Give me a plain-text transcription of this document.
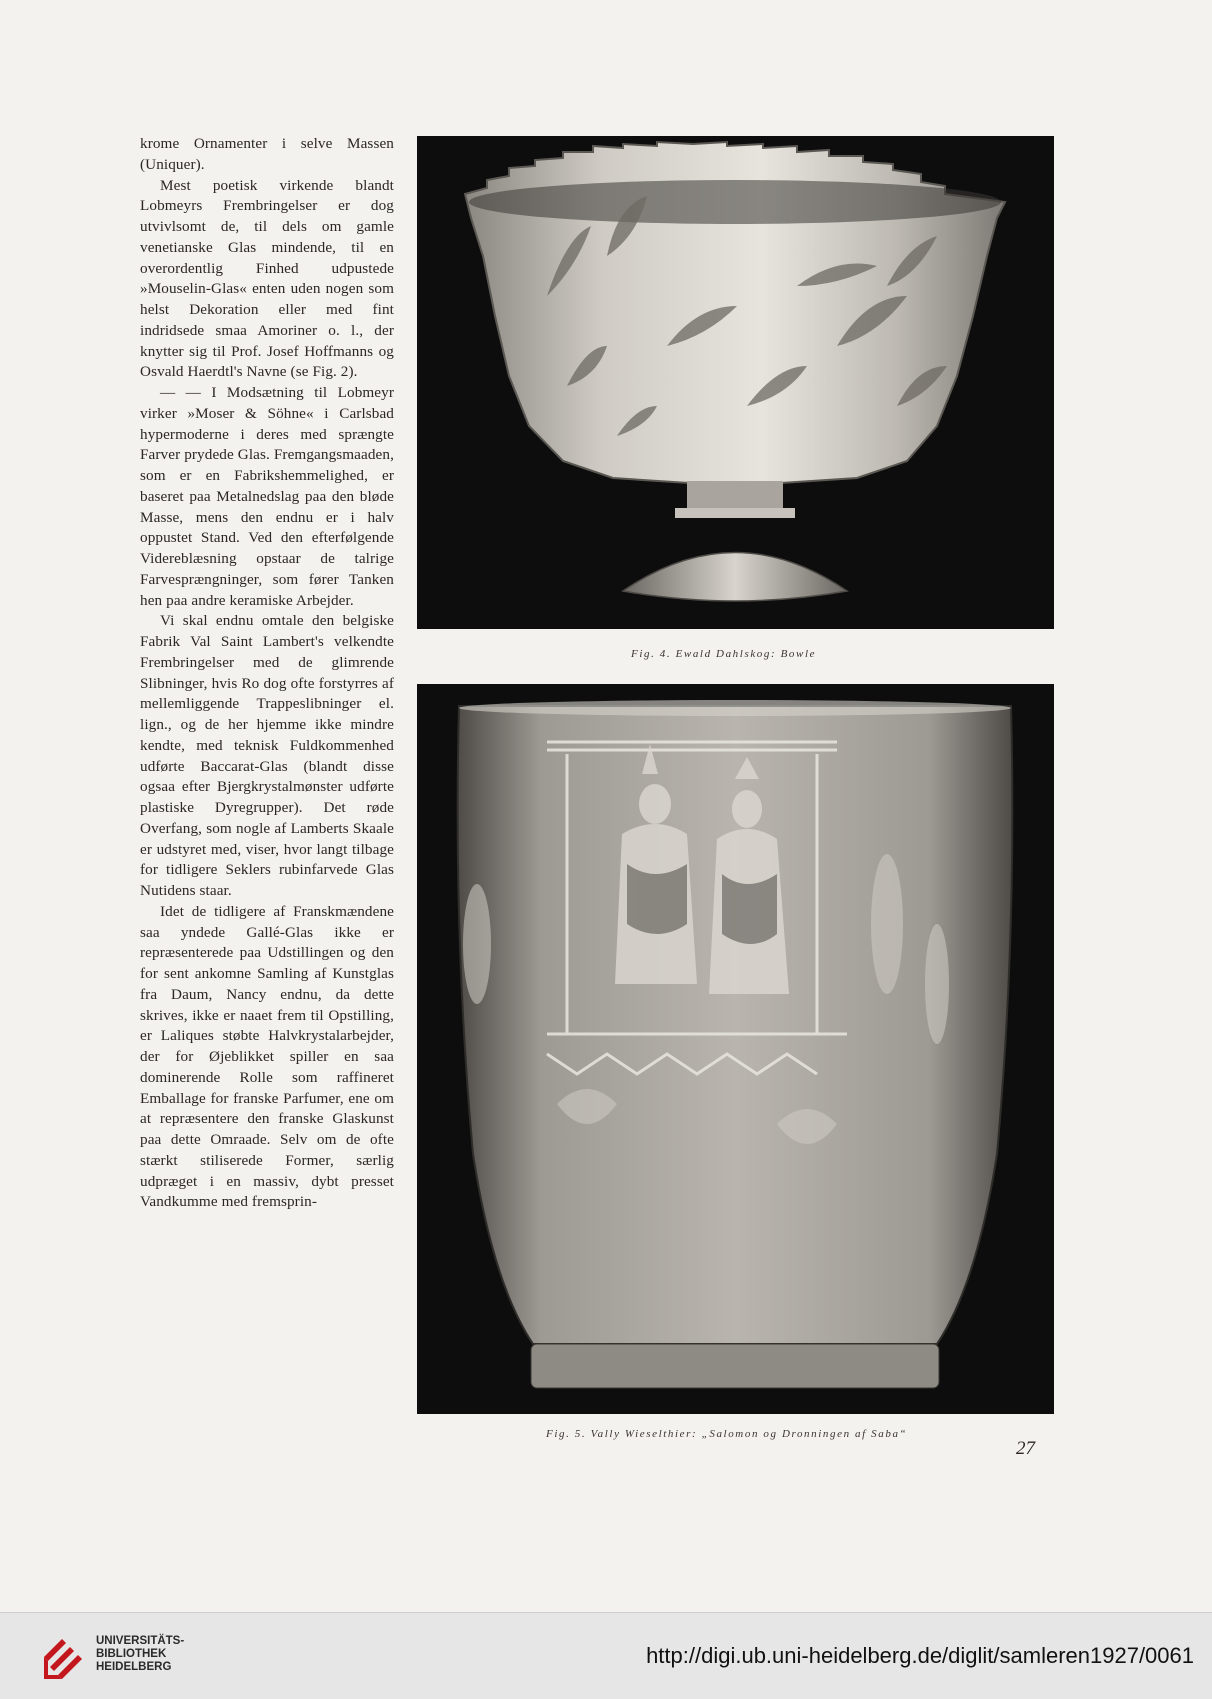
krome Ornamenter i selve Massen (Uniquer).

Mest poetisk virkende blandt Lobmeyrs Frembringelser er dog utvivlsomt de, til dels om gamle venetianske Glas mindende, til en overordentlig Finhed udpustede »Mouselin-Glas« enten uden nogen som helst Dekoration eller med fint indridsede smaa Amoriner o. l., der knytter sig til Prof. Josef Hoffmanns og Osvald Haerdtl's Navne (se Fig. 2).

— — I Modsætning til Lobmeyr virker »Moser & Söhne« i Carlsbad hypermoderne i deres med sprængte Farver prydede Glas. Fremgangsmaaden, som er en Fabrikshemmelighed, er baseret paa Metalnedslag paa den bløde Masse, mens den endnu er i halv oppustet Stand. Ved den efterfølgende Videreblæsning opstaar de talrige Farvesprængninger, som fører Tanken hen paa andre keramiske Arbejder.

Vi skal endnu omtale den belgiske Fabrik Val Saint Lambert's velkendte Frembringelser med de glimrende Slibninger, hvis Ro dog ofte forstyrres af mellemliggende Trappeslibninger el. lign., og de her hjemme ikke mindre kendte, med teknisk Fuldkommenhed udførte Baccarat-Glas (blandt disse ogsaa efter Bjergkrystalmønster udførte plastiske Dyregrupper). Det røde Overfang, som nogle af Lamberts Skaale er udstyret med, viser, hvor langt tilbage for tidligere Seklers rubinfarvede Glas Nutidens staar.

Idet de tidligere af Franskmændene saa yndede Gallé-Glas ikke er repræsenterede paa Udstillingen og den for sent ankomne Samling af Kunstglas fra Daum, Nancy endnu, da dette skrives, ikke er naaet frem til Opstilling, er Laliques støbte Halvkrystalarbejder, der for Øjeblikket spiller en saa dominerende Rolle som raffineret Emballage for franske Parfumer, ene om at repræsentere den franske Glaskunst paa dette Omraade. Selv om de ofte stærkt stiliserede Former, særlig udpræget i en massiv, dybt presset Vandkumme med fremsprin-

Fig. 4. Ewald Dahlskog: Bowle
Fig. 5. Vally Wieselthier: „Salomon og Dronningen af Saba“
27
UNIVERSITÄTS-
BIBLIOTHEK
HEIDELBERG	http://digi.ub.uni-heidelberg.de/diglit/samleren1927/0061
